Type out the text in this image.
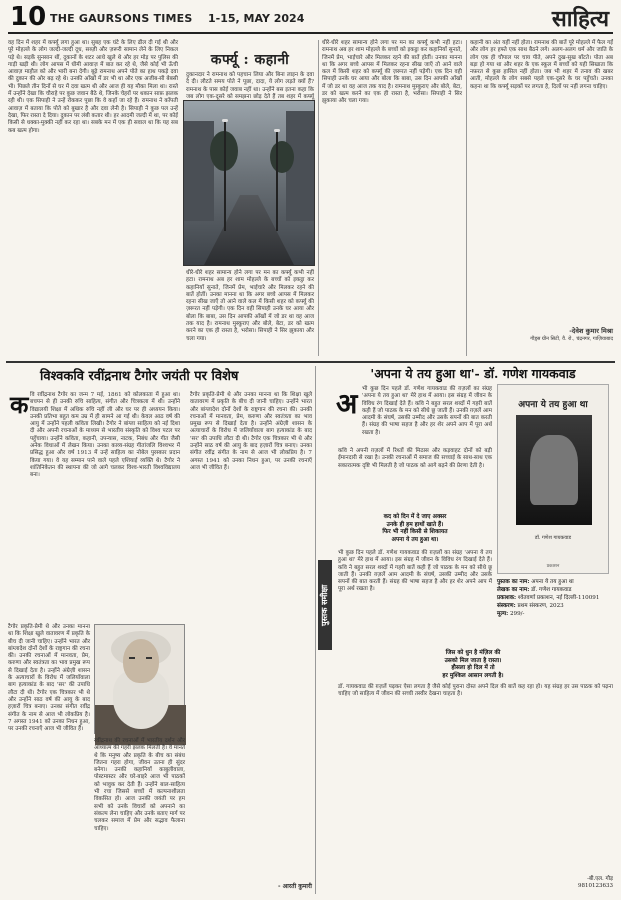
10 THE GAURSONS TIMES 1-15, MAY 2024	साहित्य
वह दिन में शहर में कर्फ्यू लगा हुआ था। सुबह एक घंटे के लिए ढील दी गई थी और पूरे मोहल्ले के लोग जल्दी-जल्दी दूध, सब्ज़ी और ज़रूरी सामान लेने के लिए निकल पड़े थे। सड़कें सुनसान थीं, दुकानों के शटर आधे खुले थे और हर मोड़ पर पुलिस की गाड़ी खड़ी थी। लोग आपस में धीमी आवाज़ में बात कर रहे थे, जैसे कोई भी ऊँची आवाज़ माहौल को और भारी बना देगी। बूढ़े रामनाथ अपने पोते का हाथ पकड़े दवा की दुकान की ओर बढ़ रहे थे। उनकी आँखों में डर भी था और एक अजीब-सी बेबसी भी। पिछले तीन दिनों से घर में दवा खत्म थी और आज ही यह मौका मिला था। रास्ते में उन्होंने देखा कि चौराहे पर कुछ जवान बैठे थे, जिनके चेहरों पर थकान साफ़ झलक रही थी। एक सिपाही ने उन्हें रोककर पूछा कि वे कहाँ जा रहे हैं। रामनाथ ने काँपती आवाज़ में बताया कि पोते को बुखार है और दवा लेनी है। सिपाही ने कुछ पल उन्हें देखा, फिर रास्ता दे दिया। दुकान पर लंबी कतार थी। हर आदमी जल्दी में था, पर कोई किसी से धक्का-मुक्की नहीं कर रहा था। सबके मन में एक ही सवाल था कि यह सब कब खत्म होगा।
कर्फ्यू : कहानी
दुकानदार ने रामनाथ को पहचान लिया और बिना लाइन के दवा दे दी। लौटते समय पोते ने पूछा, दादा, ये लोग लड़ते क्यों हैं? रामनाथ के पास कोई जवाब नहीं था। उन्होंने बस इतना कहा कि जब लोग एक-दूसरे को समझना छोड़ देते हैं तब शहर में कर्फ्यू
धीरे-धीरे शहर सामान्य होने लगा पर मन का कर्फ्यू कभी नहीं हटा। रामनाथ अब हर शाम मोहल्ले के बच्चों को इकट्ठा कर कहानियाँ सुनाते, जिनमें प्रेम, भाईचारे और मिलकर रहने की बातें होतीं। उनका मानना था कि अगर बच्चे आपस में मिलकर रहना सीख जाएँ तो आने वाले कल में किसी शहर को कर्फ्यू की ज़रूरत नहीं पड़ेगी। एक दिन वही सिपाही उनके घर आया और बोला कि बाबा, उस दिन आपकी आँखों में जो डर था वह आज तक याद है। रामनाथ मुस्कुराए और बोले, बेटा, डर को खत्म करने का एक ही रास्ता है, भरोसा। सिपाही ने सिर झुकाया और चला गया।
धीरे-धीरे शहर सामान्य होने लगा पर मन का कर्फ्यू कभी नहीं हटा। रामनाथ अब हर शाम मोहल्ले के बच्चों को इकट्ठा कर कहानियाँ सुनाते, जिनमें प्रेम, भाईचारे और मिलकर रहने की बातें होतीं। उनका मानना था कि अगर बच्चे आपस में मिलकर रहना सीख जाएँ तो आने वाले कल में किसी शहर को कर्फ्यू की ज़रूरत नहीं पड़ेगी। एक दिन वही सिपाही उनके घर आया और बोला कि बाबा, उस दिन आपकी आँखों में जो डर था वह आज तक याद है। रामनाथ मुस्कुराए और बोले, बेटा, डर को खत्म करने का एक ही रास्ता है, भरोसा। सिपाही ने सिर झुकाया और चला गया।
कहानी का अंत यहीं नहीं होता। रामनाथ की बातें पूरे मोहल्ले में फैल गईं और लोग हर हफ्ते एक साथ बैठने लगे। अलग-अलग धर्म और जाति के लोग एक ही चौपाल पर चाय पीते, अपने दुख-सुख बाँटते। पोता अब बड़ा हो गया था और शहर के एक स्कूल में बच्चों को यही सिखाता कि नफ़रत से कुछ हासिल नहीं होता। जब भी शहर में तनाव की खबर आती, मोहल्ले के लोग सबसे पहले एक-दूसरे के घर पहुँचते। उनका कहना था कि कर्फ्यू सड़कों पर लगता है, दिलों पर नहीं लगना चाहिए।
-देवेश कुमार मिश्रा
गौड़्स ग्रीन सिटी, वै. रो., चंद्रनगर, गाज़ियाबाद
विश्वकवि रवींद्रनाथ टैगोर जयंती पर विशेष
क वि रवींद्रनाथ टैगोर का जन्म 7 मई, 1861 को कोलकाता में हुआ था। बचपन से ही उनकी रुचि साहित्य, संगीत और चित्रकला में थी। उन्होंने विद्यालयी शिक्षा में अधिक रुचि नहीं ली और घर पर ही अध्ययन किया। उनकी प्रतिभा बहुत कम उम्र में ही सामने आ गई थी। केवल आठ वर्ष की आयु में उन्होंने पहली कविता लिखी। टैगोर ने बांग्ला साहित्य को नई दिशा दी और अपनी रचनाओं के माध्यम से भारतीय संस्कृति को विश्व पटल पर पहुँचाया। उन्होंने कविता, कहानी, उपन्यास, नाटक, निबंध और गीत जैसी अनेक विधाओं में लेखन किया। उनका काव्य-संग्रह गीतांजलि विश्वभर में प्रसिद्ध हुआ और वर्ष 1913 में उन्हें साहित्य का नोबेल पुरस्कार प्रदान किया गया। वे यह सम्मान पाने वाले पहले एशियाई व्यक्ति थे। टैगोर ने शांतिनिकेतन की स्थापना की जो आगे चलकर विश्व-भारती विश्वविद्यालय बना।
टैगोर प्रकृति-प्रेमी थे और उनका मानना था कि शिक्षा खुले वातावरण में प्रकृति के बीच दी जानी चाहिए। उन्होंने भारत और बांग्लादेश दोनों देशों के राष्ट्रगान की रचना की। उनकी रचनाओं में मानवता, प्रेम, करुणा और स्वतंत्रता का भाव प्रमुख रूप से दिखाई देता है। उन्होंने अंग्रेज़ी शासन के अत्याचारों के विरोध में जलियाँवाला बाग हत्याकांड के बाद 'सर' की उपाधि लौटा दी थी। टैगोर एक चित्रकार भी थे और उन्होंने साठ वर्ष की आयु के बाद हज़ारों चित्र बनाए। उनका संगीत रवींद्र संगीत के नाम से आज भी लोकप्रिय है। 7 अगस्त 1941 को उनका निधन हुआ, पर उनकी रचनाएँ आज भी जीवित हैं।
रवींद्रनाथ की रचनाओं में भारतीय दर्शन और आध्यात्म की गहरी झलक मिलती है। वे मानते थे कि मनुष्य और प्रकृति के बीच का संबंध जितना गहरा होगा, जीवन उतना ही सुंदर बनेगा। उनकी कहानियाँ काबुलीवाला, पोस्टमास्टर और घरे-बाइरे आज भी पाठकों को भावुक कर देती हैं। उन्होंने बाल-साहित्य भी रचा जिससे बच्चों में कल्पनाशीलता विकसित हो। आज उनकी जयंती पर हम सभी को उनके विचारों को अपनाने का संकल्प लेना चाहिए और उनके बताए मार्ग पर चलकर समाज में प्रेम और सद्भाव फैलाना चाहिए।
टैगोर प्रकृति-प्रेमी थे और उनका मानना था कि शिक्षा खुले वातावरण में प्रकृति के बीच दी जानी चाहिए। उन्होंने भारत और बांग्लादेश दोनों देशों के राष्ट्रगान की रचना की। उनकी रचनाओं में मानवता, प्रेम, करुणा और स्वतंत्रता का भाव प्रमुख रूप से दिखाई देता है। उन्होंने अंग्रेज़ी शासन के अत्याचारों के विरोध में जलियाँवाला बाग हत्याकांड के बाद 'सर' की उपाधि लौटा दी थी। टैगोर एक चित्रकार भी थे और उन्होंने साठ वर्ष की आयु के बाद हज़ारों चित्र बनाए। उनका संगीत रवींद्र संगीत के नाम से आज भी लोकप्रिय है। 7 अगस्त 1941 को उनका निधन हुआ, पर उनकी रचनाएँ आज भी जीवित हैं।
- आरती कुमारी
पुस्तक समीक्षा
'अपना ये तय हुआ था'- डॉ. गणेश गायकवाड
अ भी कुछ दिन पहले डॉ. गणेश गायकवाड की ग़ज़लों का संग्रह 'अपना ये तय हुआ था' मेरे हाथ में आया। इस संग्रह में जीवन के विविध रंग दिखाई देते हैं। कवि ने बहुत सरल शब्दों में गहरी बातें कही हैं जो पाठक के मन को सीधे छू जाती हैं। उनकी ग़ज़लें आम आदमी के संघर्ष, उसकी उम्मीद और उसके सपनों की बात करती हैं। संग्रह की भाषा सहज है और हर शेर अपने आप में पूरा अर्थ रखता है।
कवि ने अपनी ग़ज़लों में रिश्तों की मिठास और कड़वाहट दोनों को बड़ी ईमानदारी से रखा है। उनकी रचनाओं में समाज की सच्चाई के साथ-साथ एक सकारात्मक दृष्टि भी मिलती है जो पाठक को आगे बढ़ने की प्रेरणा देती है।
कद को दिन में दे जाए अक्सर
उनके ही हम हाथों खाते हैं।
फिर भी नहीं किसी से शिकायत
अपना ये तय हुआ था।
भी कुछ दिन पहले डॉ. गणेश गायकवाड की ग़ज़लों का संग्रह 'अपना ये तय हुआ था' मेरे हाथ में आया। इस संग्रह में जीवन के विविध रंग दिखाई देते हैं। कवि ने बहुत सरल शब्दों में गहरी बातें कही हैं जो पाठक के मन को सीधे छू जाती हैं। उनकी ग़ज़लें आम आदमी के संघर्ष, उसकी उम्मीद और उसके सपनों की बात करती हैं। संग्रह की भाषा सहज है और हर शेर अपने आप में पूरा अर्थ रखता है।
अपना ये तय हुआ था
डॉ. गणेश गायकवाड
प्रकाशन
पुस्तक का नाम: अपना ये तय हुआ था
लेखक का नाम: डॉ. गणेश गायकवाड
प्रकाशक: श्वेतवर्णा प्रकाशन, नई दिल्ली-110091
संस्करण: प्रथम संस्करण, 2023
मूल्य: 299/-
जिस को धुन है मंज़िल की
उसको मिल जाता है रास्ता।
हौसला हो दिल में तो
हर मुश्किल आसान लगती है।
डॉ. गायकवाड की ग़ज़लें पढ़कर ऐसा लगता है जैसे कोई पुराना दोस्त अपने दिल की बातें कह रहा हो। यह संग्रह हर उस पाठक को पढ़ना चाहिए जो साहित्य में जीवन की सच्ची तस्वीर देखना चाहता है।
-बी.एल. गौड़
9810123633
